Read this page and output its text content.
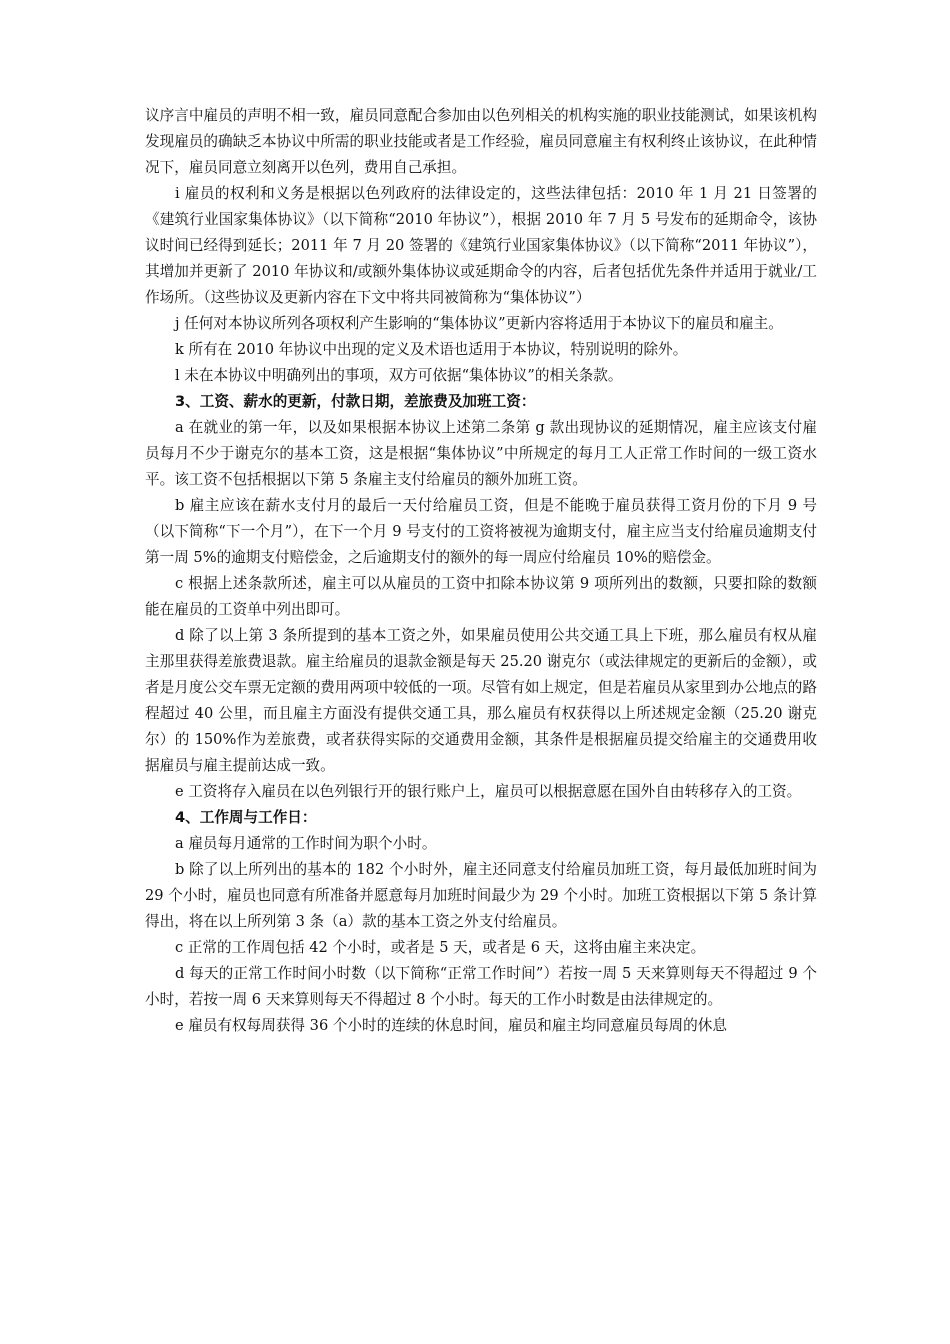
议序言中雇员的声明不相一致，雇员同意配合参加由以色列相关的机构实施的职业技能测试，如果该机构发现雇员的确缺乏本协议中所需的职业技能或者是工作经验，雇员同意雇主有权利终止该协议，在此种情况下，雇员同意立刻离开以色列，费用自己承担。

i 雇员的权利和义务是根据以色列政府的法律设定的，这些法律包括：2010 年 1 月 21 日签署的《建筑行业国家集体协议》（以下简称“2010 年协议”），根据 2010 年 7 月 5 号发布的延期命令，该协议时间已经得到延长；2011 年 7 月 20 签署的《建筑行业国家集体协议》（以下简称“2011 年协议”），其增加并更新了 2010 年协议和/或额外集体协议或延期命令的内容，后者包括优先条件并适用于就业/工作场所。（这些协议及更新内容在下文中将共同被简称为“集体协议”）

j 任何对本协议所列各项权利产生影响的“集体协议”更新内容将适用于本协议下的雇员和雇主。

k 所有在 2010 年协议中出现的定义及术语也适用于本协议，特别说明的除外。

l 未在本协议中明确列出的事项，双方可依据“集体协议”的相关条款。

3、工资、薪水的更新，付款日期，差旅费及加班工资：

a 在就业的第一年，以及如果根据本协议上述第二条第 g 款出现协议的延期情况，雇主应该支付雇员每月不少于谢克尔的基本工资，这是根据“集体协议”中所规定的每月工人正常工作时间的一级工资水平。该工资不包括根据以下第 5 条雇主支付给雇员的额外加班工资。

b 雇主应该在薪水支付月的最后一天付给雇员工资，但是不能晚于雇员获得工资月份的下月 9 号（以下简称“下一个月”），在下一个月 9 号支付的工资将被视为逾期支付，雇主应当支付给雇员逾期支付第一周 5%的逾期支付赔偿金，之后逾期支付的额外的每一周应付给雇员 10%的赔偿金。

c 根据上述条款所述，雇主可以从雇员的工资中扣除本协议第 9 项所列出的数额，只要扣除的数额能在雇员的工资单中列出即可。

d 除了以上第 3 条所提到的基本工资之外，如果雇员使用公共交通工具上下班，那么雇员有权从雇主那里获得差旅费退款。雇主给雇员的退款金额是每天 25.20 谢克尔（或法律规定的更新后的金额），或者是月度公交车票无定额的费用两项中较低的一项。尽管有如上规定，但是若雇员从家里到办公地点的路程超过 40 公里，而且雇主方面没有提供交通工具，那么雇员有权获得以上所述规定金额（25.20 谢克尔）的 150%作为差旅费，或者获得实际的交通费用金额，其条件是根据雇员提交给雇主的交通费用收据雇员与雇主提前达成一致。

e 工资将存入雇员在以色列银行开的银行账户上，雇员可以根据意愿在国外自由转移存入的工资。

4、工作周与工作日：

a 雇员每月通常的工作时间为职个小时。

b 除了以上所列出的基本的 182 个小时外，雇主还同意支付给雇员加班工资，每月最低加班时间为 29 个小时，雇员也同意有所准备并愿意每月加班时间最少为 29 个小时。加班工资根据以下第 5 条计算得出，将在以上所列第 3 条（a）款的基本工资之外支付给雇员。

c 正常的工作周包括 42 个小时，或者是 5 天，或者是 6 天，这将由雇主来决定。

d 每天的正常工作时间小时数（以下简称“正常工作时间”）若按一周 5 天来算则每天不得超过 9 个小时，若按一周 6 天来算则每天不得超过 8 个小时。每天的工作小时数是由法律规定的。

e 雇员有权每周获得 36 个小时的连续的休息时间，雇员和雇主均同意雇员每周的休息
